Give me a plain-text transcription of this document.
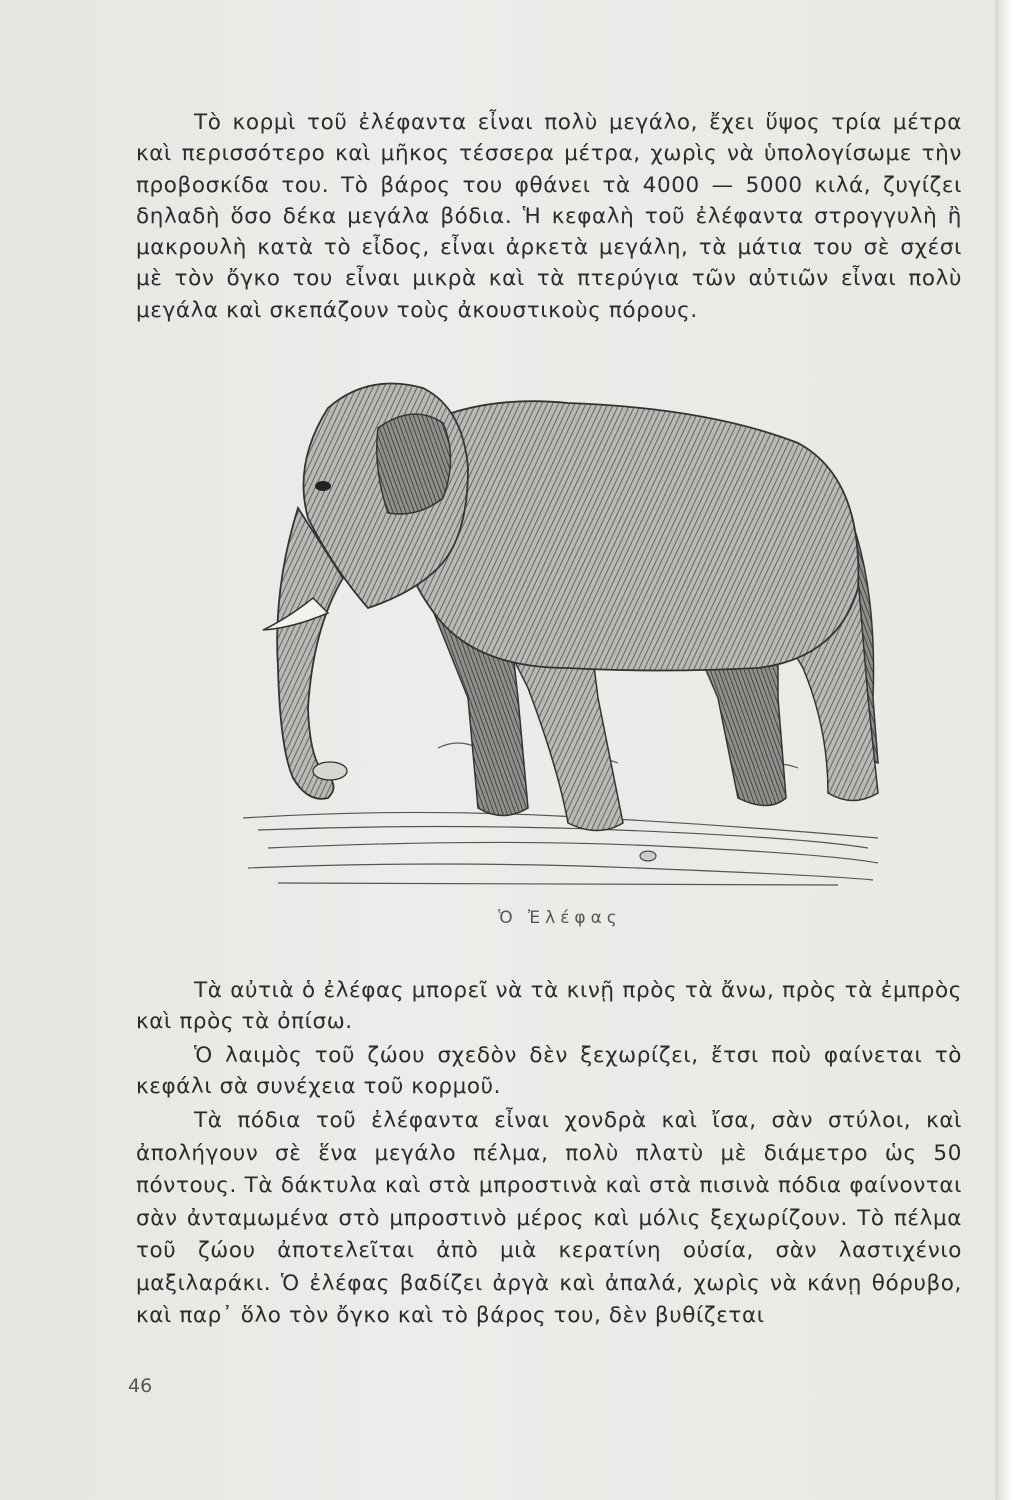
Τὸ κορμὶ τοῦ ἐλέφαντα εἶναι πολὺ μεγάλο, ἔχει ὕψος τρία μέτρα καὶ περισσότερο καὶ μῆκος τέσσερα μέτρα, χωρὶς νὰ ὑπολογίσωμε τὴν προβοσκίδα του. Τὸ βάρος του φθάνει τὰ 4000 — 5000 κιλά, ζυγίζει δηλαδὴ ὅσο δέκα μεγάλα βόδια. Ἡ κεφαλὴ τοῦ ἐλέφαντα στρογγυλὴ ἢ μακρουλὴ κατὰ τὸ εἶδος, εἶναι ἀρκετὰ μεγάλη, τὰ μάτια του σὲ σχέσι μὲ τὸν ὄγκο του εἶναι μικρὰ καὶ τὰ πτερύγια τῶν αὐτιῶν εἶναι πολὺ μεγάλα καὶ σκεπάζουν τοὺς ἀκουστικοὺς πόρους.

Ὁ Ἐλέφας

Τὰ αὐτιὰ ὁ ἐλέφας μπορεῖ νὰ τὰ κινῇ πρὸς τὰ ἄνω, πρὸς τὰ ἐμπρὸς καὶ πρὸς τὰ ὀπίσω.

Ὁ λαιμὸς τοῦ ζώου σχεδὸν δὲν ξεχωρίζει, ἔτσι ποὺ φαίνεται τὸ κεφάλι σὰ συνέχεια τοῦ κορμοῦ.

Τὰ πόδια τοῦ ἐλέφαντα εἶναι χονδρὰ καὶ ἴσα, σὰν στύλοι, καὶ ἀπολήγουν σὲ ἕνα μεγάλο πέλμα, πολὺ πλατὺ μὲ διάμετρο ὡς 50 πόντους. Τὰ δάκτυλα καὶ στὰ μπροστινὰ καὶ στὰ πισινὰ πόδια φαίνονται σὰν ἀνταμωμένα στὸ μπροστινὸ μέρος καὶ μόλις ξεχωρίζουν. Τὸ πέλμα τοῦ ζώου ἀποτελεῖται ἀπὸ μιὰ κερατίνη οὐσία, σὰν λαστιχένιο μαξιλαράκι. Ὁ ἐλέφας βαδίζει ἀργὰ καὶ ἀπαλά, χωρὶς νὰ κάνῃ θόρυβο, καὶ παρ᾿ ὅλο τὸν ὄγκο καὶ τὸ βάρος του, δὲν βυθίζεται

46
